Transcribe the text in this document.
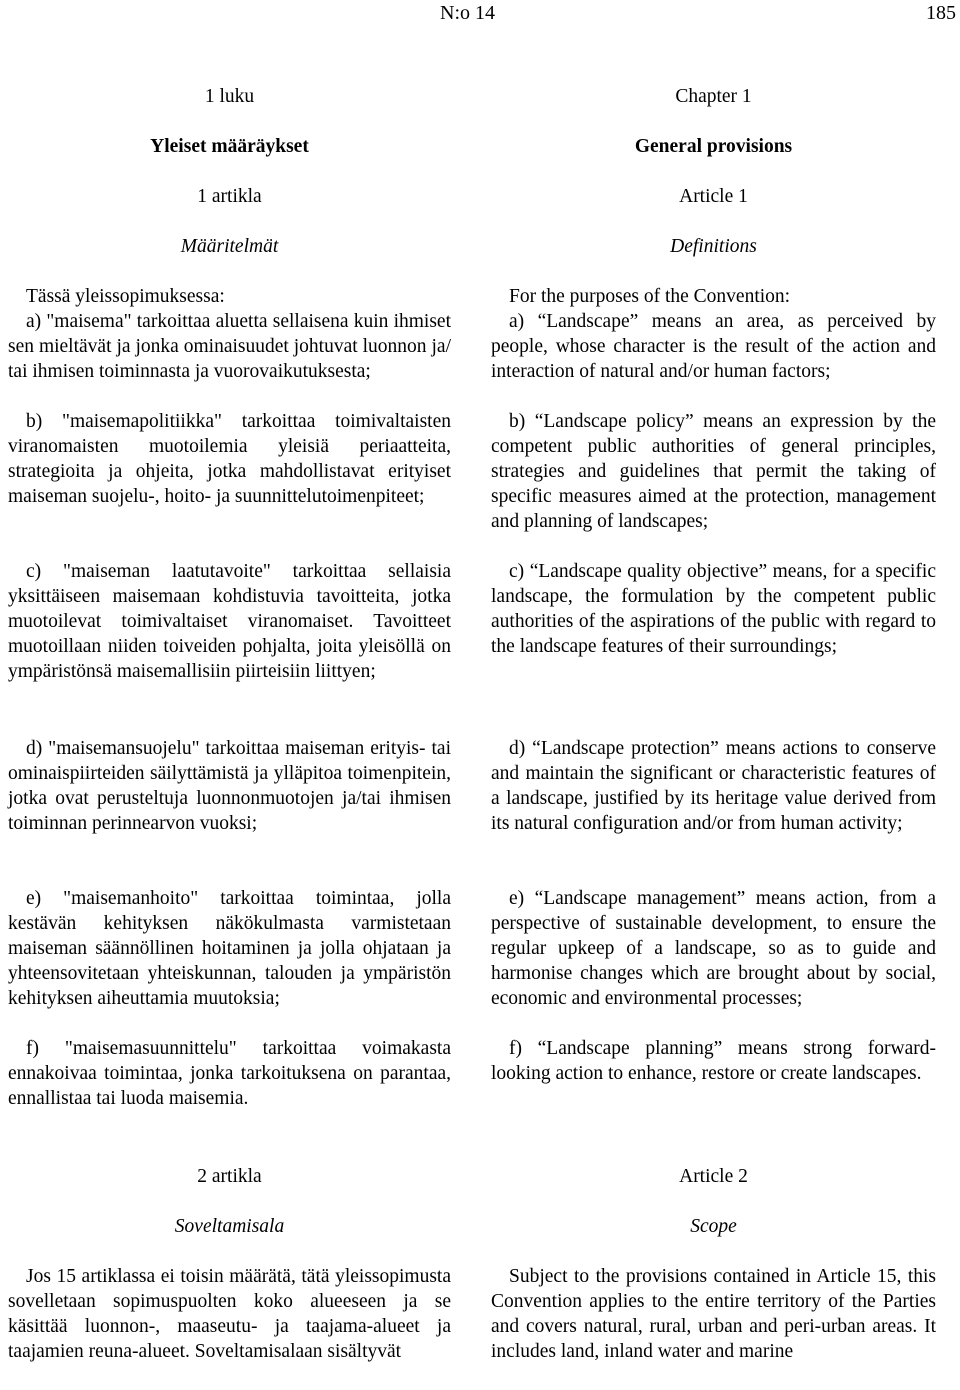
N:o 14	185
1 luku
Yleiset määräykset
1 artikla
Määritelmät

Tässä yleissopimuksessa:

a) "maisema" tarkoittaa aluetta sellaisena kuin ihmiset sen mieltävät ja jonka ominaisuudet johtuvat luonnon ja/ tai ihmisen toiminnasta ja vuorovaikutuksesta;

b) "maisemapolitiikka" tarkoittaa toimivaltaisten viranomaisten muotoilemia yleisiä periaatteita, strategioita ja ohjeita, jotka mahdollistavat erityiset maiseman suojelu-, hoito- ja suunnittelutoimenpiteet;

c) "maiseman laatutavoite" tarkoittaa sellaisia yksittäiseen maisemaan kohdistuvia tavoitteita, jotka muotoilevat toimivaltaiset viranomaiset. Tavoitteet muotoillaan niiden toiveiden pohjalta, joita yleisöllä on ympäristönsä maisemallisiin piirteisiin liittyen;

d) "maisemansuojelu" tarkoittaa maiseman erityis- tai ominaispiirteiden säilyttämistä ja ylläpitoa toimenpitein, jotka ovat perusteltuja luonnonmuotojen ja/tai ihmisen toiminnan perinnearvon vuoksi;

e) "maisemanhoito" tarkoittaa toimintaa, jolla kestävän kehityksen näkökulmasta varmistetaan maiseman säännöllinen hoitaminen ja jolla ohjataan ja yhteensovitetaan yhteiskunnan, talouden ja ympäristön kehityksen aiheuttamia muutoksia;

f) "maisemasuunnittelu" tarkoittaa voimakasta ennakoivaa toimintaa, jonka tarkoituksena on parantaa, ennallistaa tai luoda maisemia.

2 artikla
Soveltamisala

Jos 15 artiklassa ei toisin määrätä, tätä yleissopimusta sovelletaan sopimuspuolten koko alueeseen ja se käsittää luonnon-, maaseutu- ja taajama-alueet ja taajamien reuna-alueet. Soveltamisalaan sisältyvät

Chapter 1
General provisions
Article 1
Definitions

For the purposes of the Convention:

a) “Landscape” means an area, as perceived by people, whose character is the result of the action and interaction of natural and/or human factors;

b) “Landscape policy” means an expression by the competent public authorities of general principles, strategies and guidelines that permit the taking of specific measures aimed at the protection, management and planning of landscapes;

c) “Landscape quality objective” means, for a specific landscape, the formulation by the competent public authorities of the aspirations of the public with regard to the landscape features of their surroundings;

d) “Landscape protection” means actions to conserve and maintain the significant or characteristic features of a landscape, justified by its heritage value derived from its natural configuration and/or from human activity;

e) “Landscape management” means action, from a perspective of sustainable development, to ensure the regular upkeep of a landscape, so as to guide and harmonise changes which are brought about by social, economic and environmental processes;

f) “Landscape planning” means strong forward-looking action to enhance, restore or create landscapes.

Article 2
Scope

Subject to the provisions contained in Article 15, this Convention applies to the entire territory of the Parties and covers natural, rural, urban and peri-urban areas. It includes land, inland water and marine
